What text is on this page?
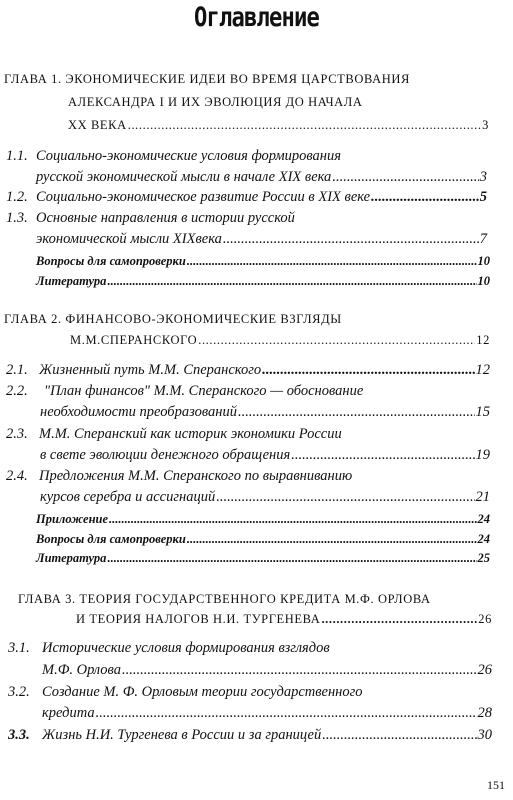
Оглавление
ГЛАВА 1. ЭКОНОМИЧЕСКИЕ ИДЕИ ВО ВРЕМЯ ЦАРСТВОВАНИЯ
АЛЕКСАНДРА I И ИХ ЭВОЛЮЦИЯ ДО НАЧАЛА
XX ВЕКА .....	3
1.1. Социально-экономические условия формирования
русской экономической мысли в начале XIX века .....	3
1.2. Социально-экономическое развитие России в XIX веке .....	5
1.3. Основные направления в истории русской
экономической мысли XIXвека .....	7
Вопросы для самопроверки .....	10
Литература .....	10
ГЛАВА 2. ФИНАНСОВО-ЭКОНОМИЧЕСКИЕ ВЗГЛЯДЫ
М.М.СПЕРАНСКОГО .....	12
2.1. Жизненный путь М.М. Сперанского .....	12
2.2.	"План финансов" М.М. Сперанского — обоснование
необходимости преобразований .....	15
2.3. М.М. Сперанский как историк экономики России
в свете эволюции денежного обращения .....	19
2.4. Предложения М.М. Сперанского по выравниванию
курсов серебра и ассигнаций .....	21
Приложение .....	24
Вопросы для самопроверки .....	24
Литература .....	25
ГЛАВА 3. ТЕОРИЯ ГОСУДАРСТВЕННОГО КРЕДИТА М.Ф. ОРЛОВА
И ТЕОРИЯ НАЛОГОВ Н.И. ТУРГЕНЕВА .....	26
3.1. Исторические условия формирования взглядов
М.Ф. Орлова .....	26
3.2. Создание М. Ф. Орловым теории государственного
кредита .....	28
3.3. Жизнь Н.И. Тургенева в России и за границей .....	30
151
